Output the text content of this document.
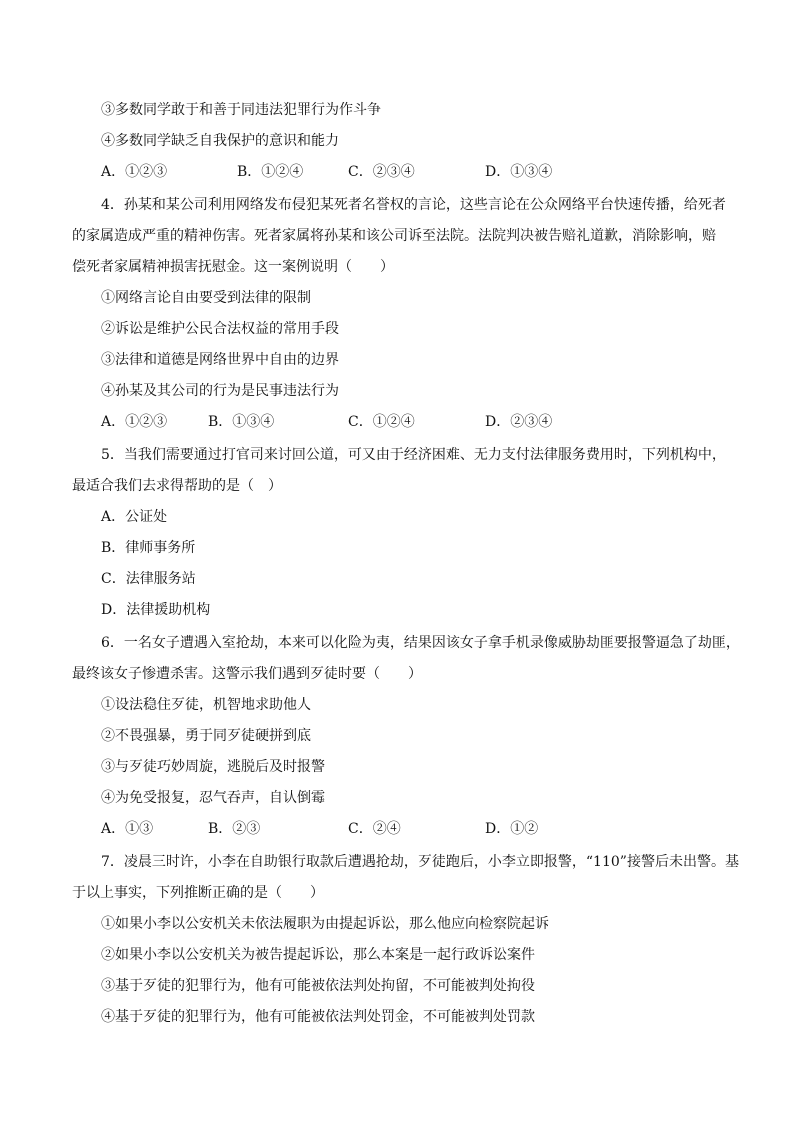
③多数同学敢于和善于同违法犯罪行为作斗争
④多数同学缺乏自我保护的意识和能力
A．①②③	B．①②④	C．②③④	D．①③④
4．孙某和某公司利用网络发布侵犯某死者名誉权的言论，这些言论在公众网络平台快速传播，给死者
的家属造成严重的精神伤害。死者家属将孙某和该公司诉至法院。法院判决被告赔礼道歉，消除影响，赔
偿死者家属精神损害抚慰金。这一案例说明（　　）
①网络言论自由要受到法律的限制
②诉讼是维护公民合法权益的常用手段
③法律和道德是网络世界中自由的边界
④孙某及其公司的行为是民事违法行为
A．①②③	B．①③④	C．①②④	D．②③④
5．当我们需要通过打官司来讨回公道，可又由于经济困难、无力支付法律服务费用时，下列机构中，
最适合我们去求得帮助的是（　）
A．公证处
B．律师事务所
C．法律服务站
D．法律援助机构
6．一名女子遭遇入室抢劫，本来可以化险为夷，结果因该女子拿手机录像威胁劫匪要报警逼急了劫匪，
最终该女子惨遭杀害。这警示我们遇到歹徒时要（　　）
①设法稳住歹徒，机智地求助他人
②不畏强暴，勇于同歹徒硬拼到底
③与歹徒巧妙周旋，逃脱后及时报警
④为免受报复，忍气吞声，自认倒霉
A．①③	B．②③	C．②④	D．①②
7．凌晨三时许，小李在自助银行取款后遭遇抢劫，歹徒跑后，小李立即报警，“110”接警后未出警。基
于以上事实，下列推断正确的是（　　）
①如果小李以公安机关未依法履职为由提起诉讼，那么他应向检察院起诉
②如果小李以公安机关为被告提起诉讼，那么本案是一起行政诉讼案件
③基于歹徒的犯罪行为，他有可能被依法判处拘留，不可能被判处拘役
④基于歹徒的犯罪行为，他有可能被依法判处罚金，不可能被判处罚款
